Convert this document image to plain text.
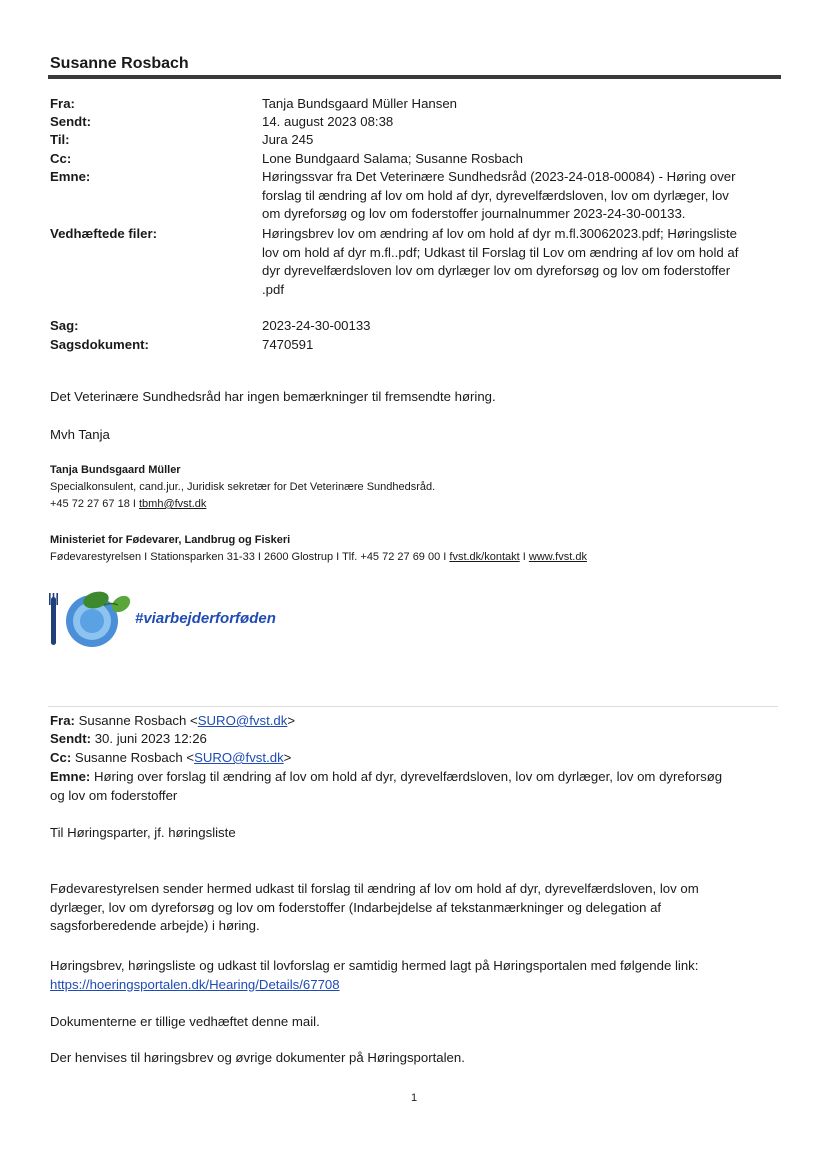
Susanne Rosbach
Fra:	Tanja Bundsgaard Müller Hansen
Sendt:	14. august 2023 08:38
Til:	Jura 245
Cc:	Lone Bundgaard Salama; Susanne Rosbach
Emne:	Høringssvar fra Det Veterinære Sundhedsråd (2023-24-018-00084) - Høring over
forslag til ændring af lov om hold af dyr, dyrevelfærdsloven, lov om dyrlæger, lov
om dyreforsøg og lov om foderstoffer journalnummer 2023-24-30-00133.
Vedhæftede filer:	Høringsbrev lov om ændring af lov om hold af dyr m.fl.30062023.pdf; Høringsliste
lov om hold af dyr m.fl..pdf; Udkast til Forslag til Lov om ændring af lov om hold af
dyr dyrevelfærdsloven lov om dyrlæger lov om dyreforsøg og lov om foderstoffer
.pdf
Sag:	2023-24-30-00133
Sagsdokument:	7470591
Det Veterinære Sundhedsråd har ingen bemærkninger til fremsendte høring.
Mvh Tanja
Tanja Bundsgaard Müller
Specialkonsulent, cand.jur., Juridisk sekretær for Det Veterinære Sundhedsråd.
+45 72 27 67 18 I tbmh@fvst.dk
Ministeriet for Fødevarer, Landbrug og Fiskeri
Fødevarestyrelsen I Stationsparken 31-33 I 2600 Glostrup I Tlf. +45 72 27 69 00 I fvst.dk/kontakt I www.fvst.dk
#viarbejderforføden
Fra: Susanne Rosbach <SURO@fvst.dk>
Sendt: 30. juni 2023 12:26
Cc: Susanne Rosbach <SURO@fvst.dk>
Emne: Høring over forslag til ændring af lov om hold af dyr, dyrevelfærdsloven, lov om dyrlæger, lov om dyreforsøg
og lov om foderstoffer
Til Høringsparter, jf. høringsliste
Fødevarestyrelsen sender hermed udkast til forslag til ændring af lov om hold af dyr, dyrevelfærdsloven, lov om
dyrlæger, lov om dyreforsøg og lov om foderstoffer (Indarbejdelse af tekstanmærkninger og delegation af
sagsforberedende arbejde) i høring.
Høringsbrev, høringsliste og udkast til lovforslag er samtidig hermed lagt på Høringsportalen med følgende link:
https://hoeringsportalen.dk/Hearing/Details/67708
Dokumenterne er tillige vedhæftet denne mail.
Der henvises til høringsbrev og øvrige dokumenter på Høringsportalen.
1
